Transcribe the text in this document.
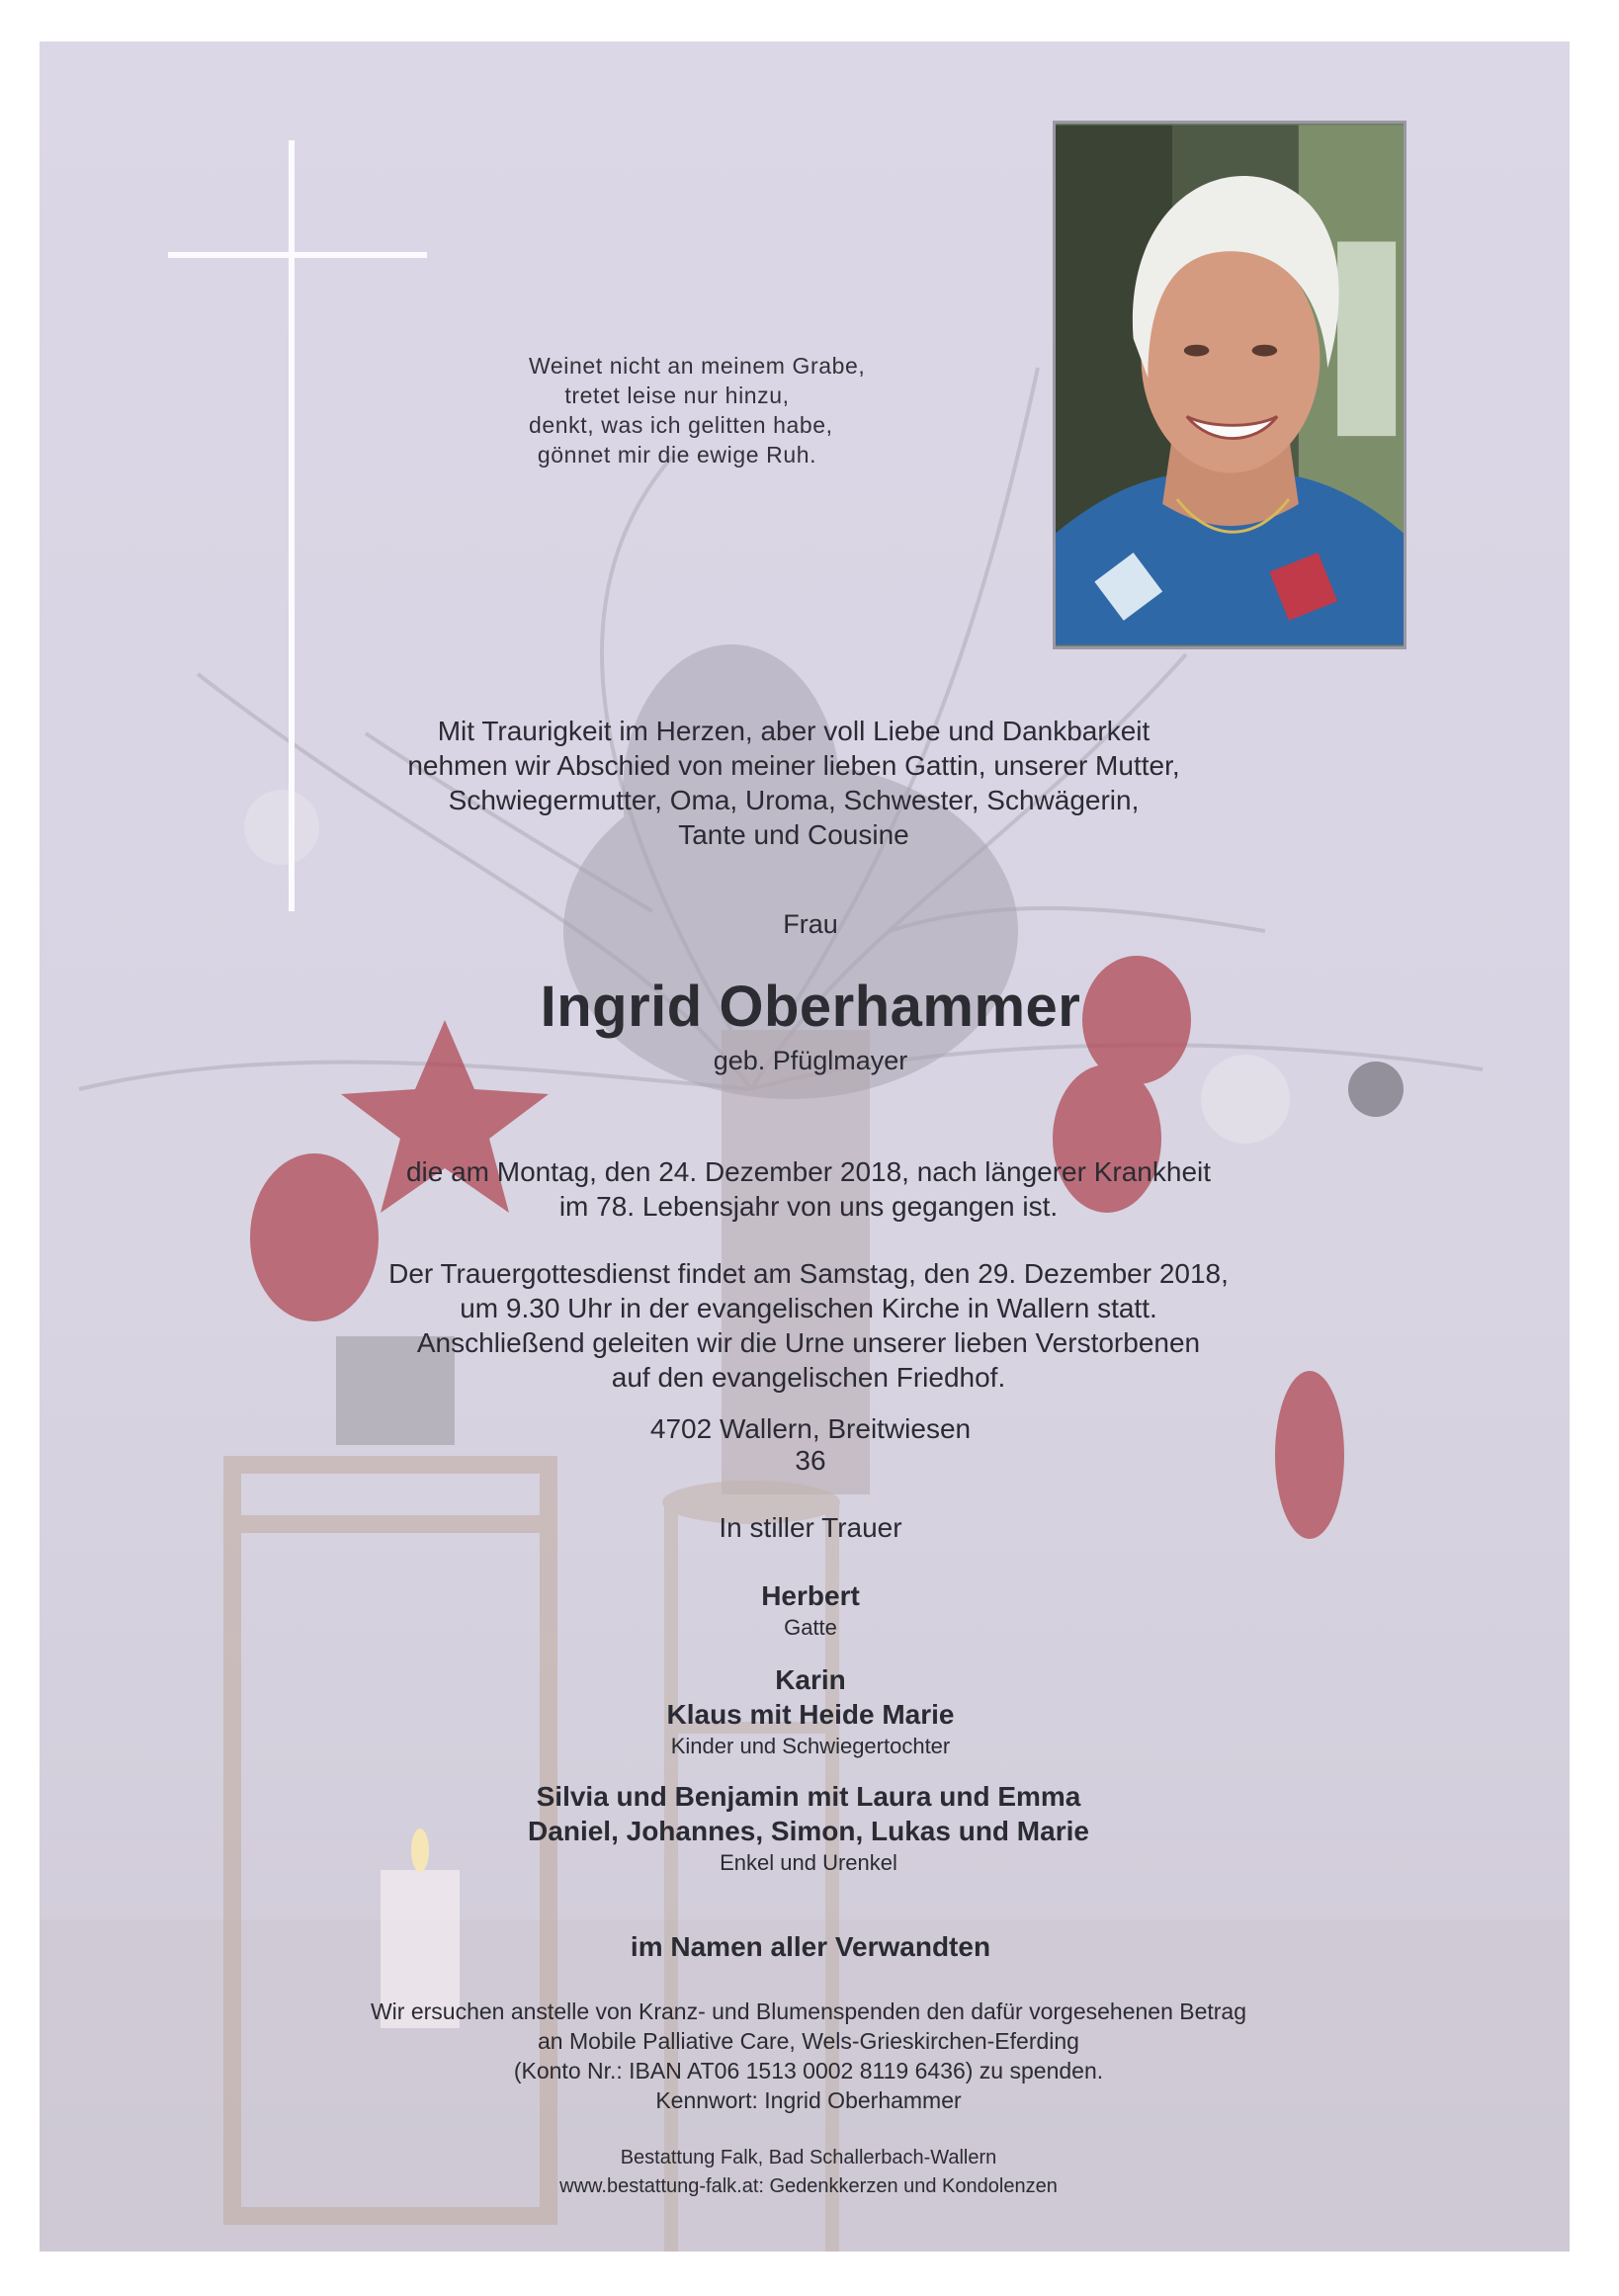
Weinet nicht an meinem Grabe,
tretet leise nur hinzu,
denkt, was ich gelitten habe,
gönnet mir die ewige Ruh.
Mit Traurigkeit im Herzen, aber voll Liebe und Dankbarkeit
nehmen wir Abschied von meiner lieben Gattin, unserer Mutter,
Schwiegermutter, Oma, Uroma, Schwester, Schwägerin,
Tante und Cousine
Frau
Ingrid Oberhammer
geb. Pfüglmayer
die am Montag, den 24. Dezember 2018, nach längerer Krankheit
im 78. Lebensjahr von uns gegangen ist.
Der Trauergottesdienst findet am Samstag, den 29. Dezember 2018,
um 9.30 Uhr in der evangelischen Kirche in Wallern statt.
Anschließend geleiten wir die Urne unserer lieben Verstorbenen
auf den evangelischen Friedhof.
4702 Wallern, Breitwiesen 36
In stiller Trauer
Herbert
Gatte
Karin
Klaus mit Heide Marie
Kinder und Schwiegertochter
Silvia und Benjamin mit Laura und Emma
Daniel, Johannes, Simon, Lukas und Marie
Enkel und Urenkel
im Namen aller Verwandten
Wir ersuchen anstelle von Kranz- und Blumenspenden den dafür vorgesehenen Betrag
an Mobile Palliative Care, Wels-Grieskirchen-Eferding
(Konto Nr.: IBAN AT06 1513 0002 8119 6436) zu spenden.
Kennwort: Ingrid Oberhammer
Bestattung Falk, Bad Schallerbach-Wallern
www.bestattung-falk.at: Gedenkkerzen und Kondolenzen
